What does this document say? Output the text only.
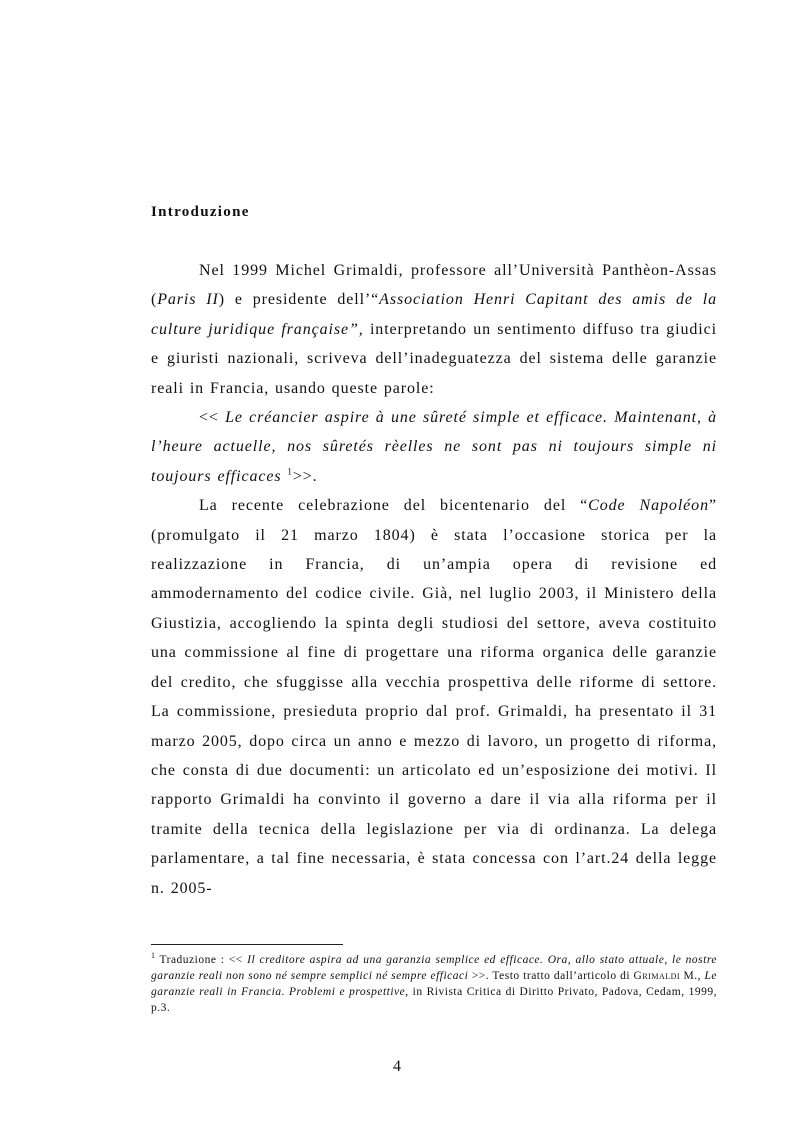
Introduzione

Nel 1999 Michel Grimaldi, professore all’Università Panthèon-Assas (Paris II) e presidente dell’“Association Henri Capitant des amis de la culture juridique française”, interpretando un sentimento diffuso tra giudici e giuristi nazionali, scriveva dell’inadeguatezza del sistema delle garanzie reali in Francia, usando queste parole:

<< Le créancier aspire à une sûreté simple et efficace. Maintenant, à l’heure actuelle, nos sûretés rèelles ne sont pas ni toujours simple ni toujours efficaces $^1$>>.

La recente celebrazione del bicentenario del “Code Napoléon” (promulgato il 21 marzo 1804) è stata l’occasione storica per la realizzazione in Francia, di un’ampia opera di revisione ed ammodernamento del codice civile. Già, nel luglio 2003, il Ministero della Giustizia, accogliendo la spinta degli studiosi del settore, aveva costituito una commissione al fine di progettare una riforma organica delle garanzie del credito, che sfuggisse alla vecchia prospettiva delle riforme di settore. La commissione, presieduta proprio dal prof. Grimaldi, ha presentato il 31 marzo 2005, dopo circa un anno e mezzo di lavoro, un progetto di riforma, che consta di due documenti: un articolato ed un’esposizione dei motivi. Il rapporto Grimaldi ha convinto il governo a dare il via alla riforma per il tramite della tecnica della legislazione per via di ordinanza. La delega parlamentare, a tal fine necessaria, è stata concessa con l’art.24 della legge n. 2005-

$^1$ Traduzione : << Il creditore aspira ad una garanzia semplice ed efficace. Ora, allo stato attuale, le nostre garanzie reali non sono né sempre semplici né sempre efficaci >>. Testo tratto dall’articolo di Grimaldi M., Le garanzie reali in Francia. Problemi e prospettive, in Rivista Critica di Diritto Privato, Padova, Cedam, 1999, p.3.

4
